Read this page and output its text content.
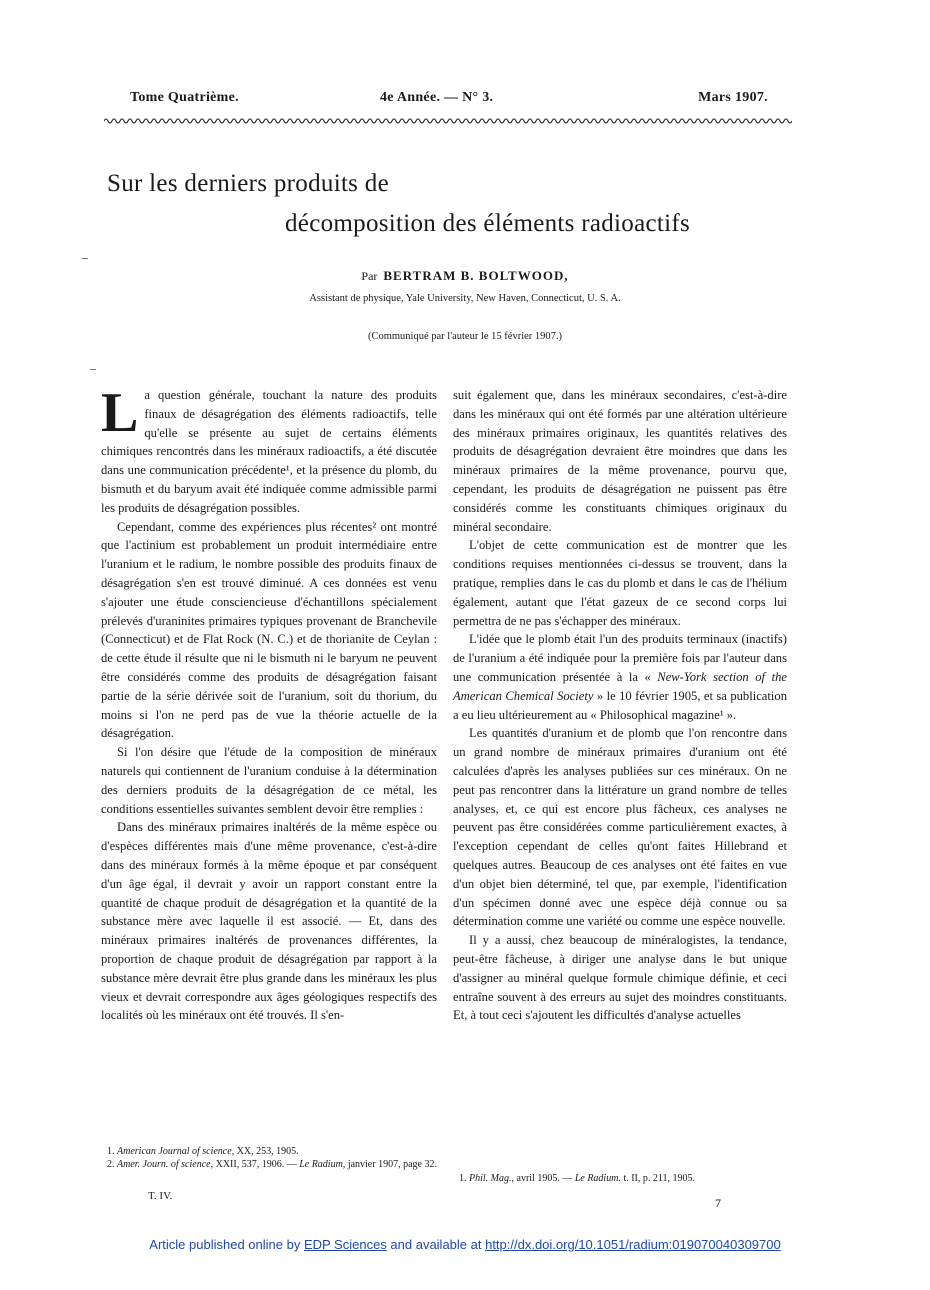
Tome Quatrième.	4e Année. — N° 3.	Mars 1907.
Sur les derniers produits de
décomposition des éléments radioactifs
Par BERTRAM B. BOLTWOOD,
Assistant de physique, Yale University, New Haven, Connecticut, U. S. A.
(Communiqué par l'auteur le 15 février 1907.)

La question générale, touchant la nature des produits finaux de désagrégation des éléments radioactifs, telle qu'elle se présente au sujet de certains éléments chimiques rencontrés dans les minéraux radioactifs, a été discutée dans une communication précédente¹, et la présence du plomb, du bismuth et du baryum avait été indiquée comme admissible parmi les produits de désagrégation possibles.

Cependant, comme des expériences plus récentes² ont montré que l'actinium est probablement un produit intermédiaire entre l'uranium et le radium, le nombre possible des produits finaux de désagrégation s'en est trouvé diminué. A ces données est venu s'ajouter une étude consciencieuse d'échantillons spécialement prélevés d'uraninites primaires typiques provenant de Branchevile (Connecticut) et de Flat Rock (N. C.) et de thorianite de Ceylan : de cette étude il résulte que ni le bismuth ni le baryum ne peuvent être considérés comme des produits de désagrégation faisant partie de la série dérivée soit de l'uranium, soit du thorium, du moins si l'on ne perd pas de vue la théorie actuelle de la désagrégation.

Si l'on désire que l'étude de la composition de minéraux naturels qui contiennent de l'uranium conduise à la détermination des derniers produits de la désagrégation de ce métal, les conditions essentielles suivantes semblent devoir être remplies :

Dans des minéraux primaires inaltérés de la même espèce ou d'espèces différentes mais d'une même provenance, c'est-à-dire dans des minéraux formés à la même époque et par conséquent d'un âge égal, il devrait y avoir un rapport constant entre la quantité de chaque produit de désagrégation et la quantité de la substance mère avec laquelle il est associé. — Et, dans des minéraux primaires inaltérés de provenances différentes, la proportion de chaque produit de désagrégation par rapport à la substance mère devrait être plus grande dans les minéraux les plus vieux et devrait correspondre aux âges géologiques respectifs des localités où les minéraux ont été trouvés. Il s'en-

suit également que, dans les minéraux secondaires, c'est-à-dire dans les minéraux qui ont été formés par une altération ultérieure des minéraux primaires originaux, les quantités relatives des produits de désagrégation devraient être moindres que dans les minéraux primaires de la même provenance, pourvu que, cependant, les produits de désagrégation ne puissent pas être considérés comme les constituants chimiques originaux du minéral secondaire.

L'objet de cette communication est de montrer que les conditions requises mentionnées ci-dessus se trouvent, dans la pratique, remplies dans le cas du plomb et dans le cas de l'hélium également, autant que l'état gazeux de ce second corps lui permettra de ne pas s'échapper des minéraux.

L'idée que le plomb était l'un des produits terminaux (inactifs) de l'uranium a été indiquée pour la première fois par l'auteur dans une communication présentée à la « New-York section of the American Chemical Society » le 10 février 1905, et sa publication a eu lieu ultérieurement au « Philosophical magazine¹ ».

Les quantités d'uranium et de plomb que l'on rencontre dans un grand nombre de minéraux primaires d'uranium ont été calculées d'après les analyses publiées sur ces minéraux. On ne peut pas rencontrer dans la littérature un grand nombre de telles analyses, et, ce qui est encore plus fâcheux, ces analyses ne peuvent pas être considérées comme particulièrement exactes, à l'exception cependant de celles qu'ont faites Hillebrand et quelques autres. Beaucoup de ces analyses ont été faites en vue d'un objet bien déterminé, tel que, par exemple, l'identification d'un spécimen donné avec une espèce déjà connue ou sa détermination comme une variété ou comme une espèce nouvelle.

Il y a aussi, chez beaucoup de minéralogistes, la tendance, peut-être fâcheuse, à diriger une analyse dans le but unique d'assigner au minéral quelque formule chimique définie, et ceci entraîne souvent à des erreurs au sujet des moindres constituants. Et, à tout ceci s'ajoutent les difficultés d'analyse actuelles

1. American Journal of science, XX, 253, 1905.

2. Amer. Journ. of science, XXII, 537, 1906. — Le Radium, janvier 1907, page 32.

1. Phil. Mag., avril 1905. — Le Radium. t. II, p. 211, 1905.

T. IV.	7
Article published online by EDP Sciences and available at http://dx.doi.org/10.1051/radium:019070040309700
